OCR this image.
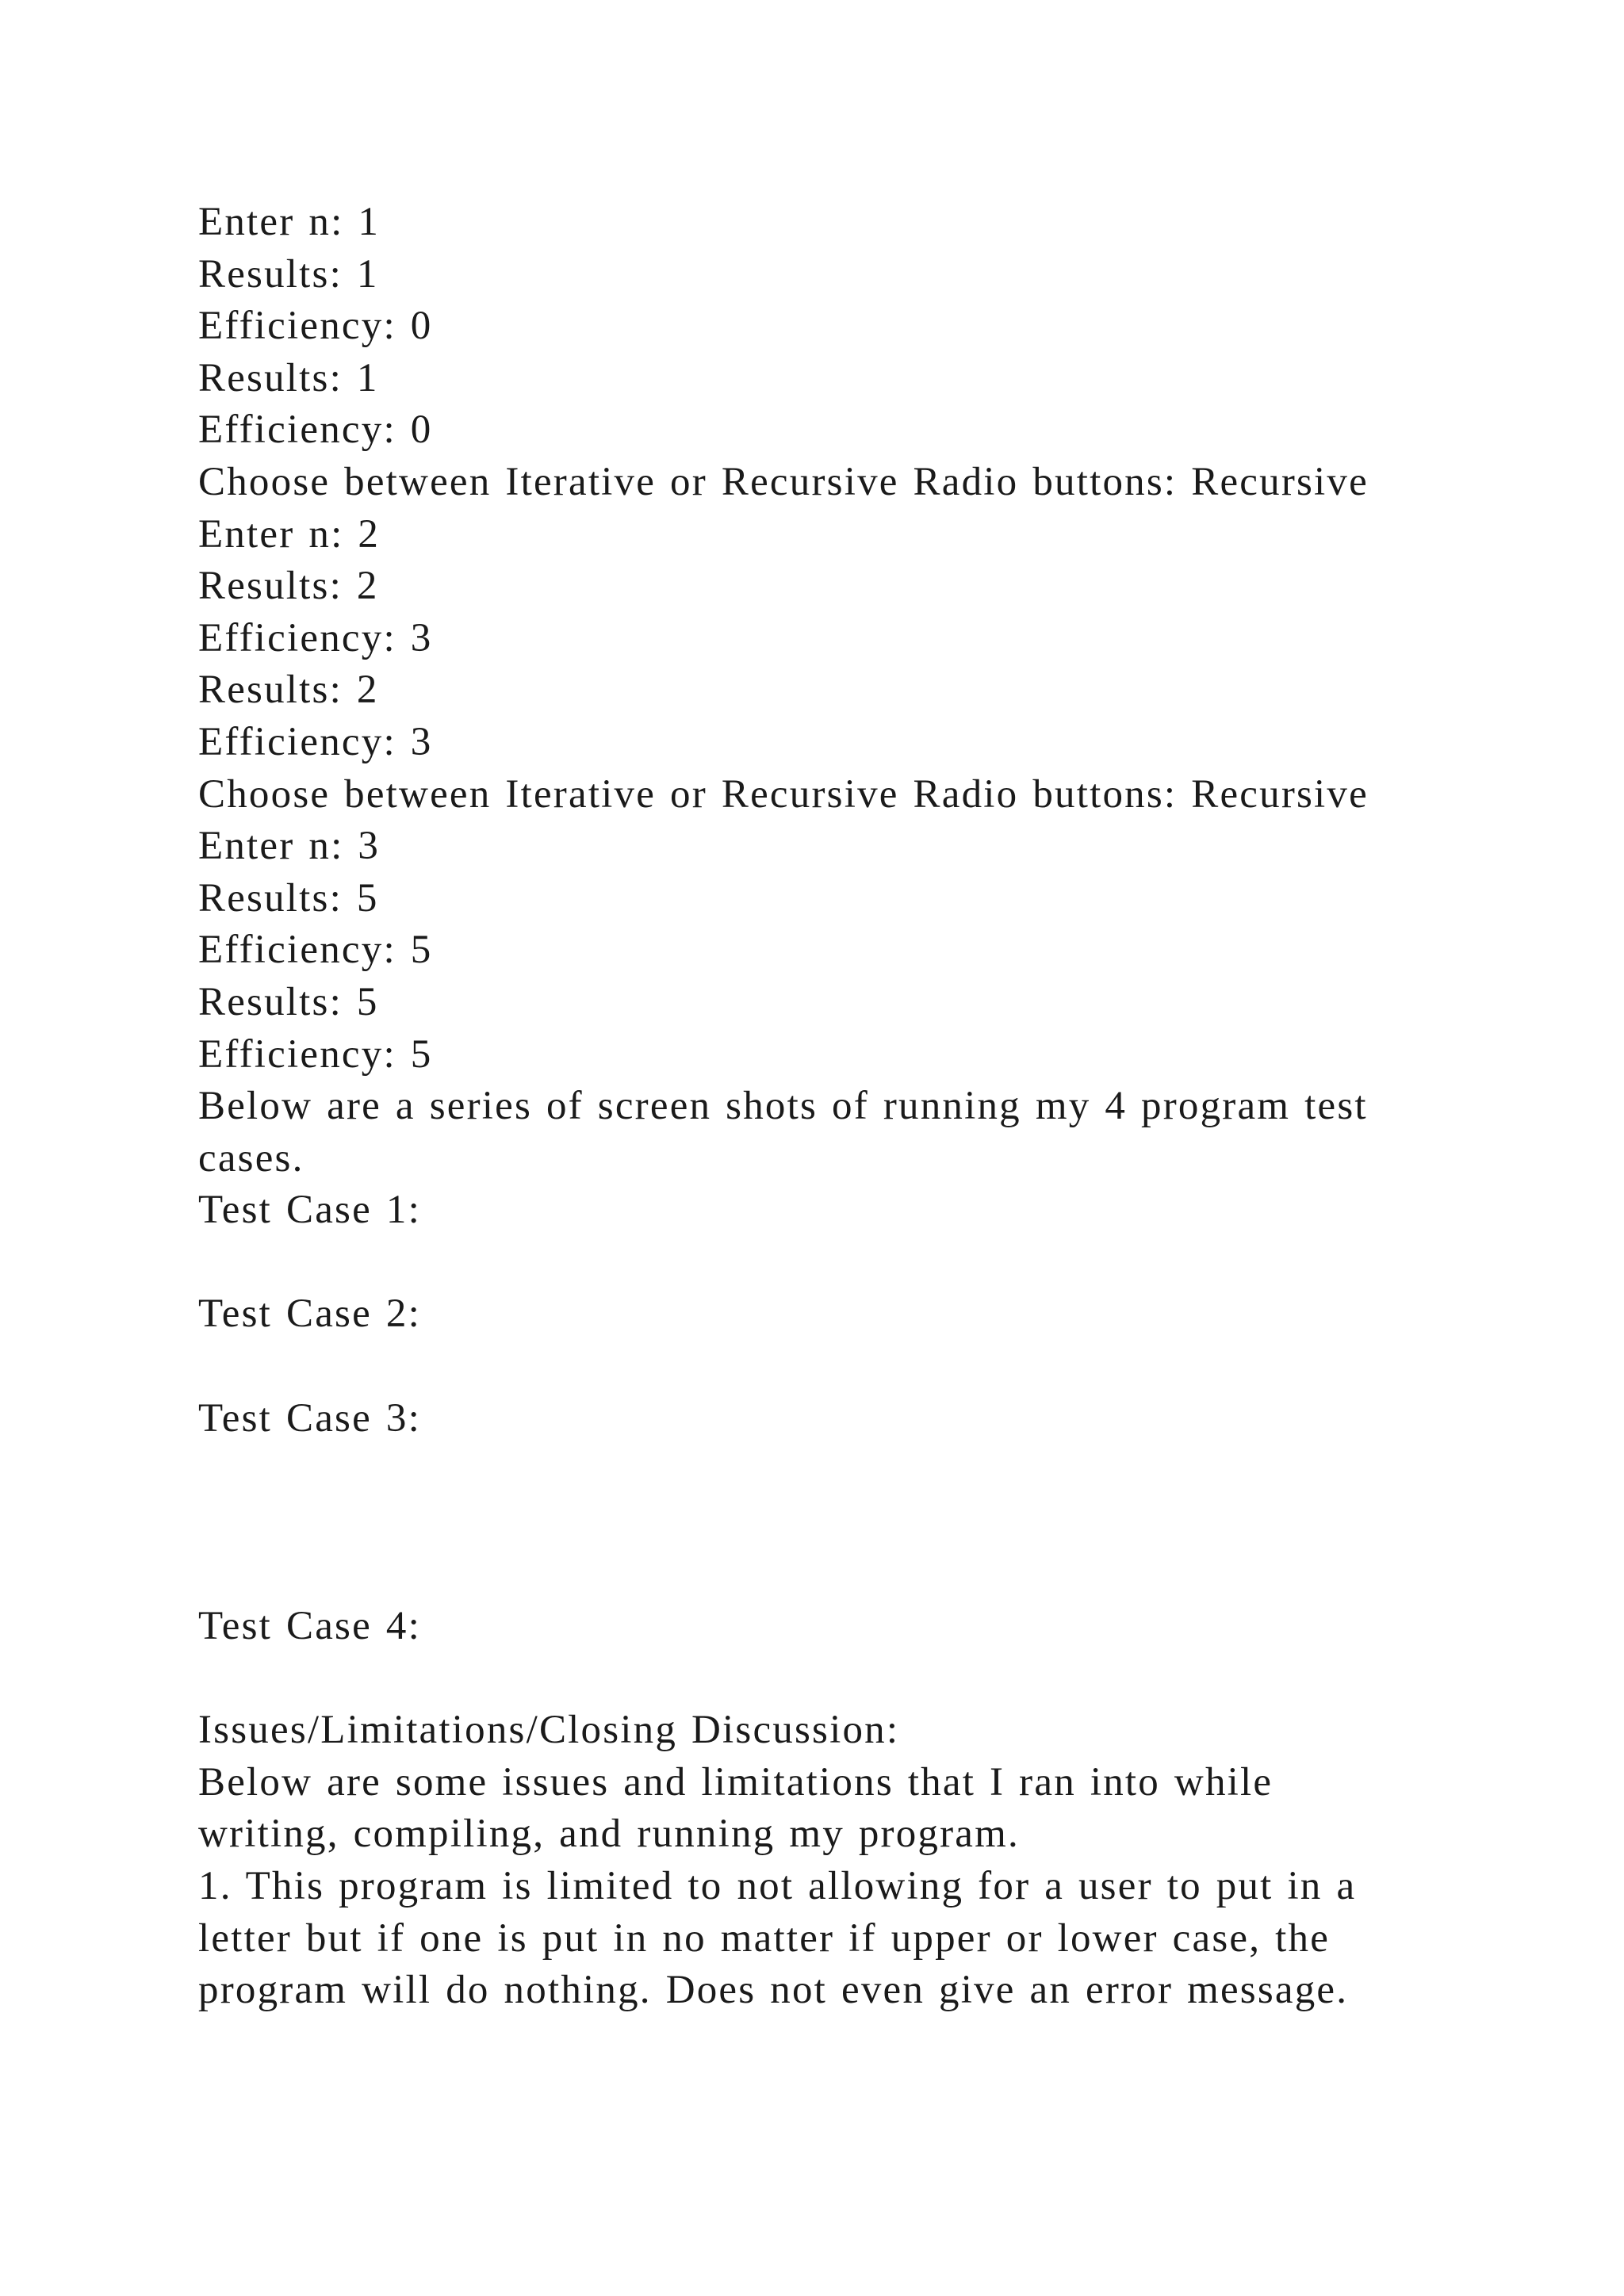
Enter n: 1
Results: 1
Efficiency: 0
Results: 1
Efficiency: 0
Choose between Iterative or Recursive Radio buttons: Recursive
Enter n: 2
Results: 2
Efficiency: 3
Results: 2
Efficiency: 3
Choose between Iterative or Recursive Radio buttons: Recursive
Enter n: 3
Results: 5
Efficiency: 5
Results: 5
Efficiency: 5
Below are a series of screen shots of running my 4 program test
cases.
Test Case 1:
Test Case 2:
Test Case 3:
Test Case 4:
Issues/Limitations/Closing Discussion:
Below are some issues and limitations that I ran into while
writing, compiling, and running my program.
1. This program is limited to not allowing for a user to put in a
letter but if one is put in no matter if upper or lower case, the
program will do nothing. Does not even give an error message.
